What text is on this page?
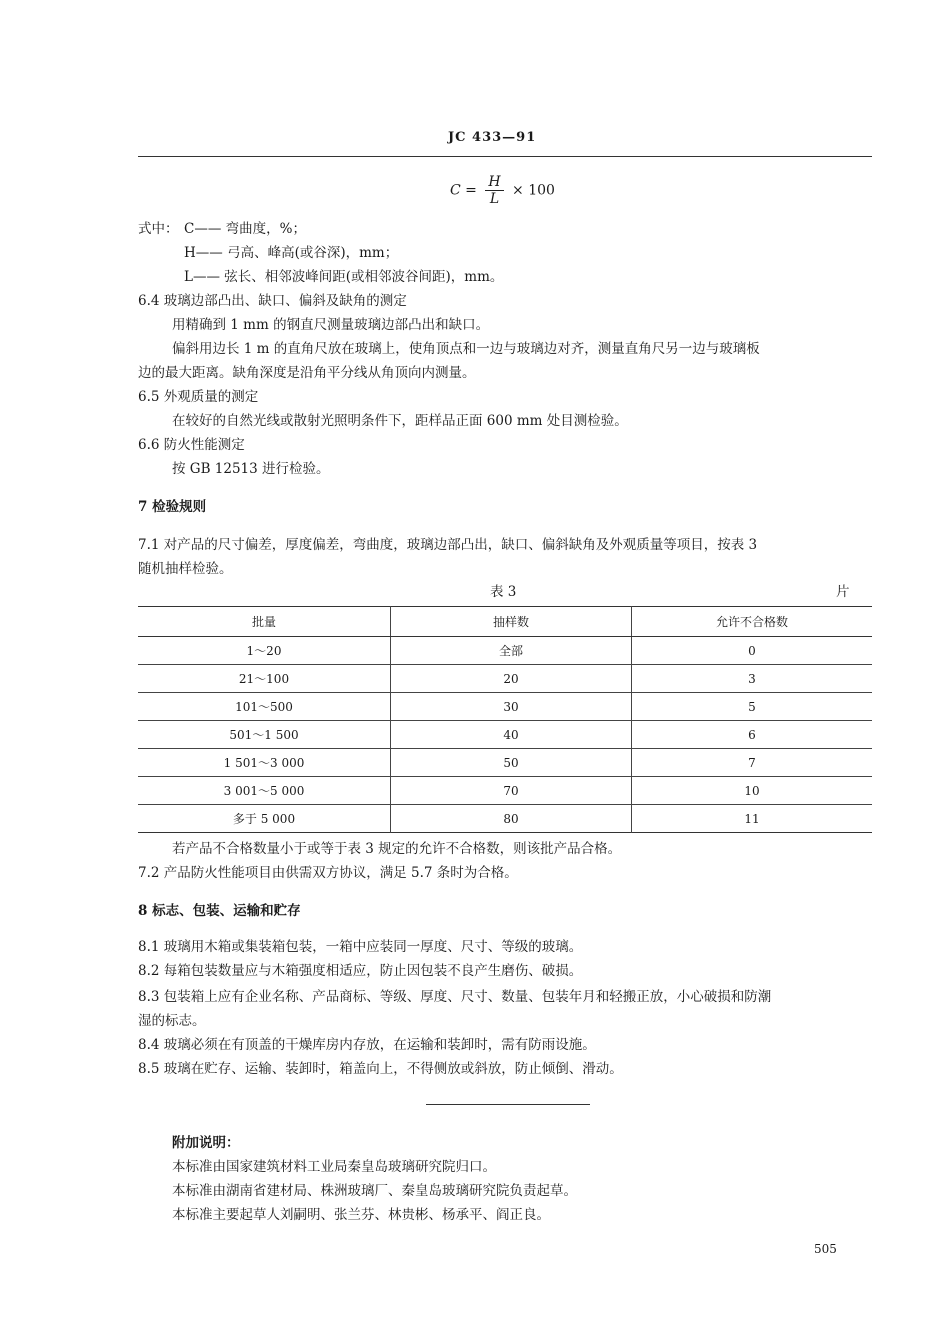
JC 433—91
$C = \frac{H}{L} \times 100$
式中： C—— 弯曲度，%；
H—— 弓高、峰高(或谷深)，mm；
L—— 弦长、相邻波峰间距(或相邻波谷间距)，mm。
6.4 玻璃边部凸出、缺口、偏斜及缺角的测定
用精确到 1 mm 的钢直尺测量玻璃边部凸出和缺口。
偏斜用边长 1 m 的直角尺放在玻璃上，使角顶点和一边与玻璃边对齐，测量直角尺另一边与玻璃板
边的最大距离。缺角深度是沿角平分线从角顶向内测量。
6.5 外观质量的测定
在较好的自然光线或散射光照明条件下，距样品正面 600 mm 处目测检验。
6.6 防火性能测定
按 GB 12513 进行检验。
7 检验规则
7.1 对产品的尺寸偏差，厚度偏差，弯曲度，玻璃边部凸出，缺口、偏斜缺角及外观质量等项目，按表 3
随机抽样检验。
表 3	片
批量	抽样数	允许不合格数
1～20	全部	0
21～100	20	3
101～500	30	5
501～1 500	40	6
1 501～3 000	50	7
3 001～5 000	70	10
多于 5 000	80	11
若产品不合格数量小于或等于表 3 规定的允许不合格数，则该批产品合格。
7.2 产品防火性能项目由供需双方协议，满足 5.7 条时为合格。
8 标志、包装、运输和贮存
8.1 玻璃用木箱或集装箱包装，一箱中应装同一厚度、尺寸、等级的玻璃。
8.2 每箱包装数量应与木箱强度相适应，防止因包装不良产生磨伤、破损。
8.3 包装箱上应有企业名称、产品商标、等级、厚度、尺寸、数量、包装年月和轻搬正放，小心破损和防潮
湿的标志。
8.4 玻璃必须在有顶盖的干燥库房内存放，在运输和装卸时，需有防雨设施。
8.5 玻璃在贮存、运输、装卸时，箱盖向上，不得侧放或斜放，防止倾倒、滑动。
附加说明：
本标准由国家建筑材料工业局秦皇岛玻璃研究院归口。
本标准由湖南省建材局、株洲玻璃厂、秦皇岛玻璃研究院负责起草。
本标准主要起草人刘嗣明、张兰芬、林贵彬、杨承平、阎正良。
505
